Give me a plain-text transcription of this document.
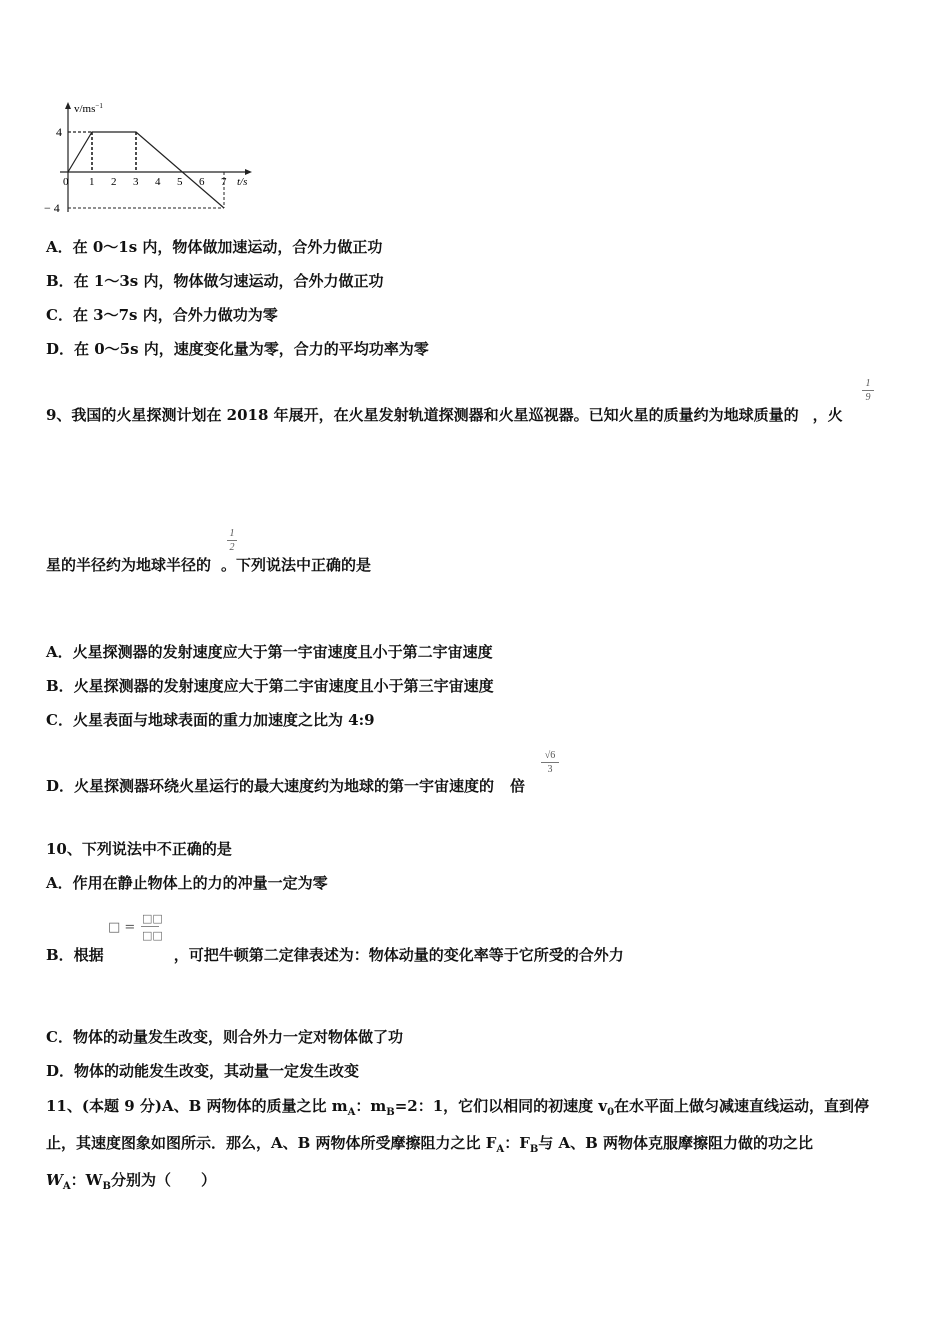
$v/ms^{-1}$
t/s
4
− 4
0 1 2 3 4 5 6 7
A．在 0～1s 内，物体做加速运动，合外力做正功
B．在 1～3s 内，物体做匀速运动，合外力做正功
C．在 3～7s 内，合外力做功为零
D．在 0～5s 内，速度变化量为零，合力的平均功率为零
9、我国的火星探测计划在 2018 年展开，在火星发射轨道探测器和火星巡视器。已知火星的质量约为地球质量的 ，火
1
9
星的半径约为地球半径的 。下列说法中正确的是
1
2
A．火星探测器的发射速度应大于第一宇宙速度且小于第二宇宙速度
B．火星探测器的发射速度应大于第二宇宙速度且小于第三宇宙速度
C．火星表面与地球表面的重力加速度之比为 4:9
D．火星探测器环绕火星运行的最大速度约为地球的第一宇宙速度的 倍
√6
3
10、下列说法中不正确的是
A．作用在静止物体上的力的冲量一定为零
□ =
□□
□□
B．根据	，可把牛顿第二定律表述为：物体动量的变化率等于它所受的合外力
C．物体的动量发生改变，则合外力一定对物体做了功
D．物体的动能发生改变，其动量一定发生改变
11、(本题 9 分)A、B 两物体的质量之比 $m_A$：$m_B=2$：1，它们以相同的初速度 $v_0$在水平面上做匀减速直线运动，直到停
止，其速度图象如图所示．那么，A、B 两物体所受摩擦阻力之比 $F_A$：$F_B$与 A、B 两物体克服摩擦阻力做的功之比
$W_A$：$W_B$分别为（　　）
